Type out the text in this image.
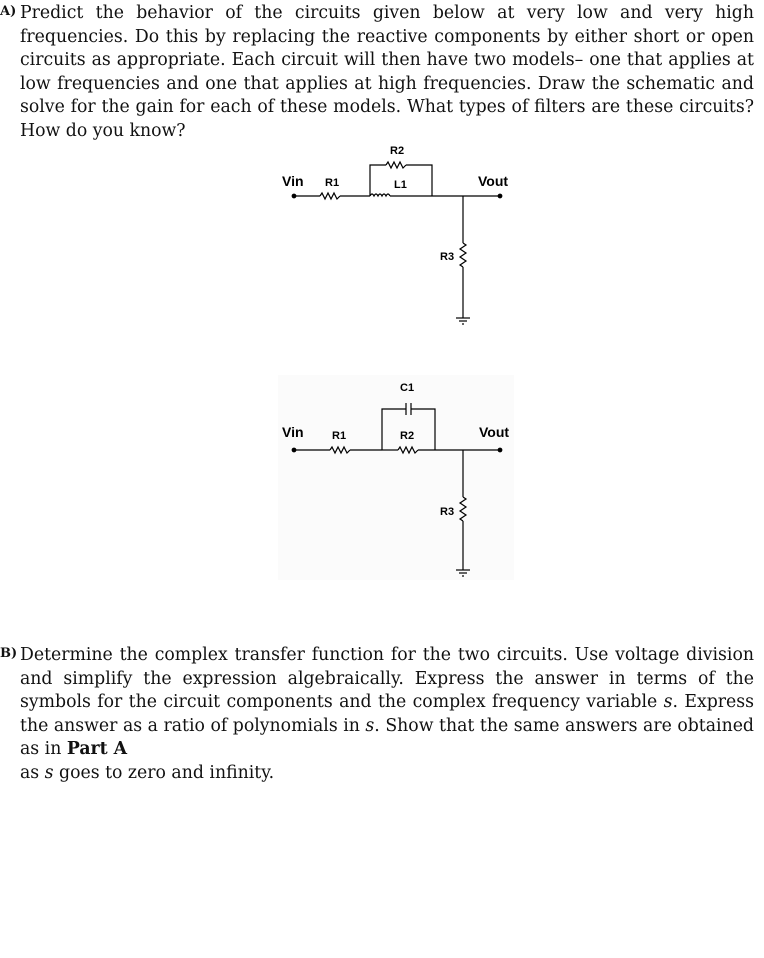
A) Predict the behavior of the circuits given below at very low and very high frequencies. Do this by replacing the reactive components by either short or open circuits as appropriate. Each circuit will then have two models– one that applies at low frequencies and one that applies at high frequencies. Draw the schematic and solve for the gain for each of these models. What types of filters are these circuits? How do you know?
Vin R1
R2
L1	Vout
R3
Vin	R1
C1
R2	Vout
R3
B) Determine the complex transfer function for the two circuits. Use voltage division and simplify the expression algebraically. Express the answer in terms of the symbols for the circuit components and the complex frequency variable s. Express the answer as a ratio of polynomials in s. Show that the same answers are obtained as in Part A
as s goes to zero and infinity.
